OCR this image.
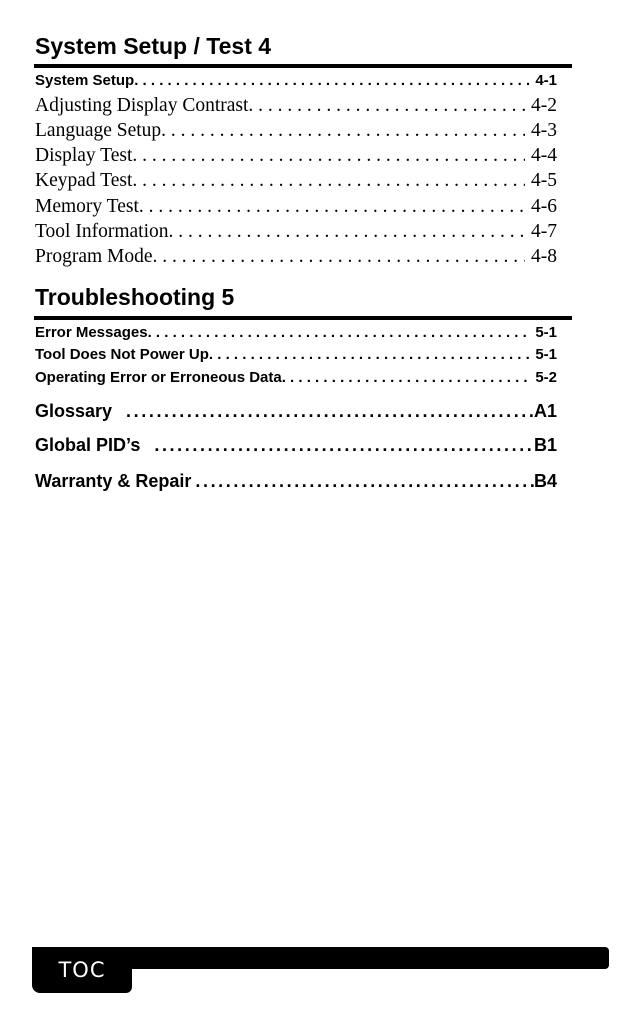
System Setup / Test 4
System Setup . . .	4-1
Adjusting Display Contrast . . .	4-2
Language Setup . . .	4-3
Display Test . . .	4-4
Keypad Test . . .	4-5
Memory Test . . .	4-6
Tool Information . . .	4-7
Program Mode . . .	4-8
Troubleshooting 5
Error Messages . . .	5-1
Tool Does Not Power Up . . .	5-1
Operating Error or Erroneous Data . . .	5-2
Glossary .....	A1
Global PID’s .....	B1
Warranty & Repair .....	B4
TOC
